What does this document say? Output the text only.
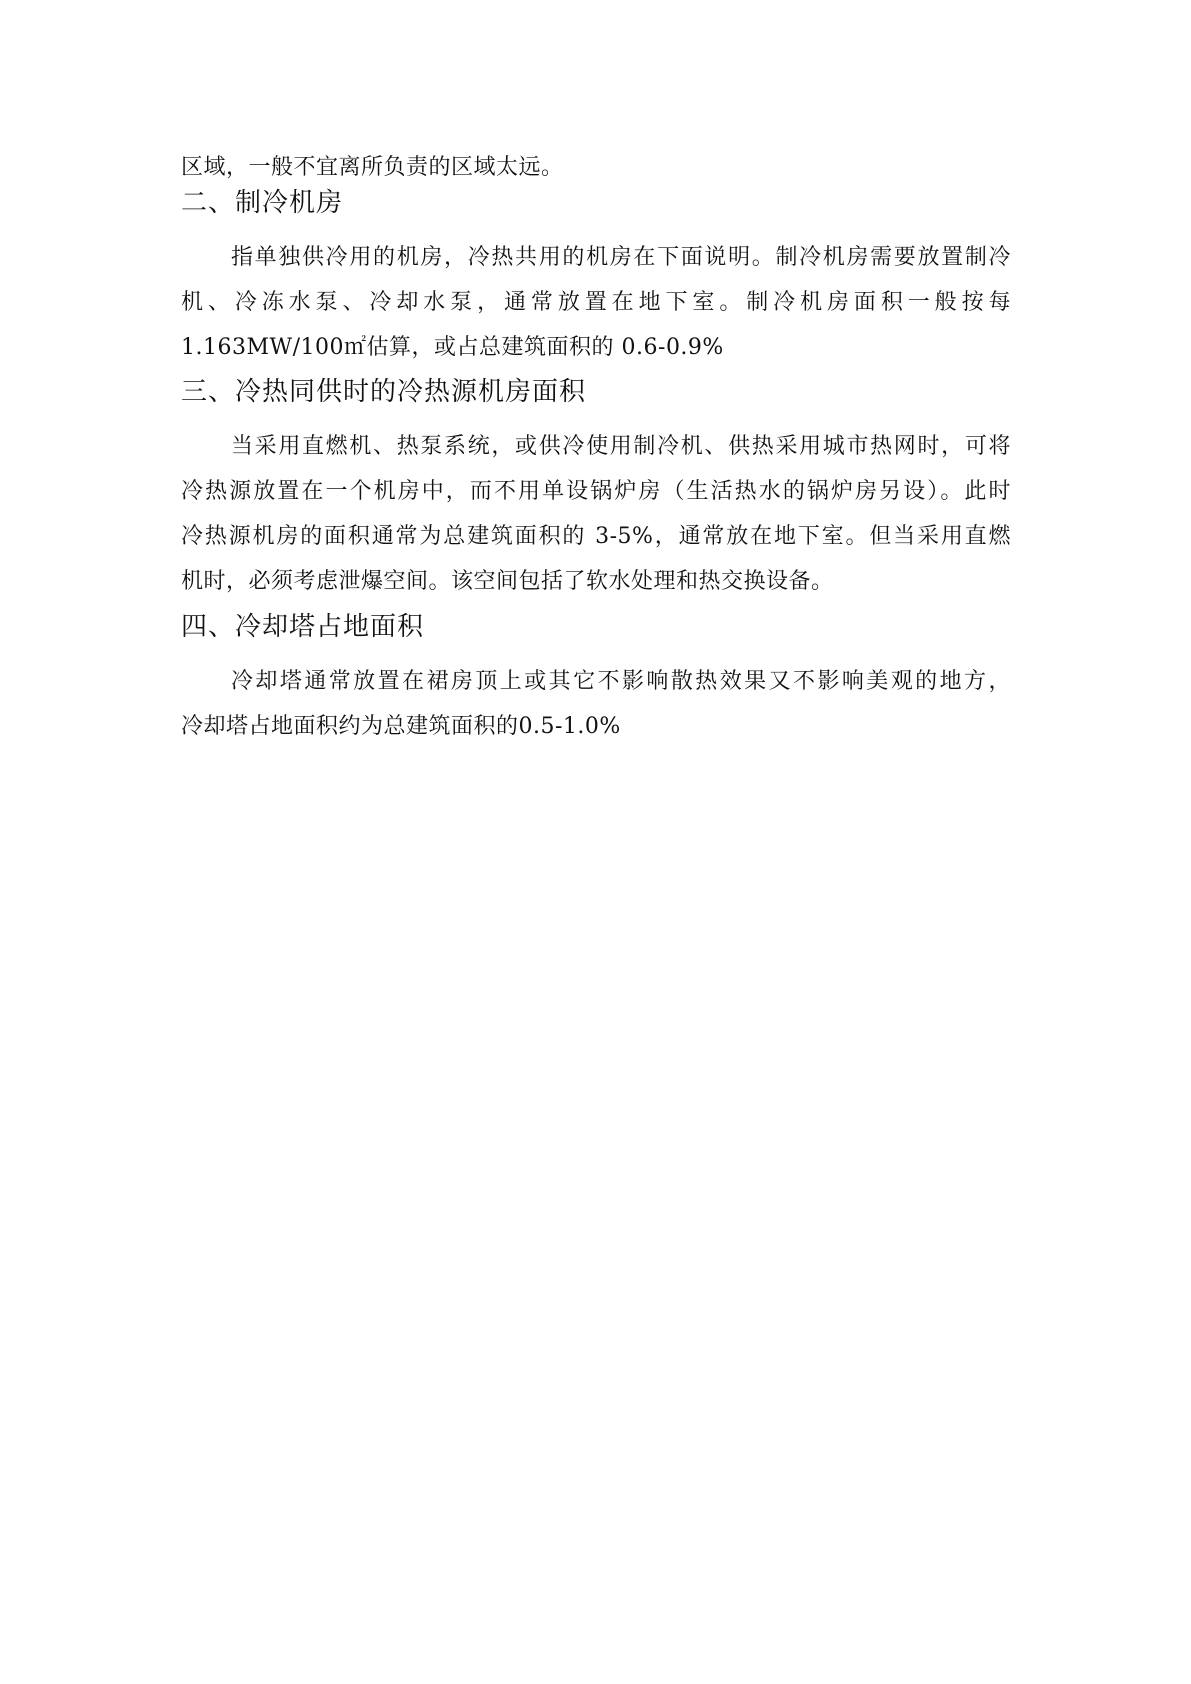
区域，一般不宜离所负责的区域太远。
二、制冷机房
指单独供冷用的机房，冷热共用的机房在下面说明。制冷机房需要放置制冷
机、冷冻水泵、冷却水泵，通常放置在地下室。制冷机房面积一般按每
1.163MW/100㎡估算，或占总建筑面积的 0.6-0.9%
三、冷热同供时的冷热源机房面积
当采用直燃机、热泵系统，或供冷使用制冷机、供热采用城市热网时，可将
冷热源放置在一个机房中，而不用单设锅炉房（生活热水的锅炉房另设）。此时
冷热源机房的面积通常为总建筑面积的 3-5%，通常放在地下室。但当采用直燃
机时，必须考虑泄爆空间。该空间包括了软水处理和热交换设备。
四、冷却塔占地面积
冷却塔通常放置在裙房顶上或其它不影响散热效果又不影响美观的地方，
冷却塔占地面积约为总建筑面积的0.5-1.0%
